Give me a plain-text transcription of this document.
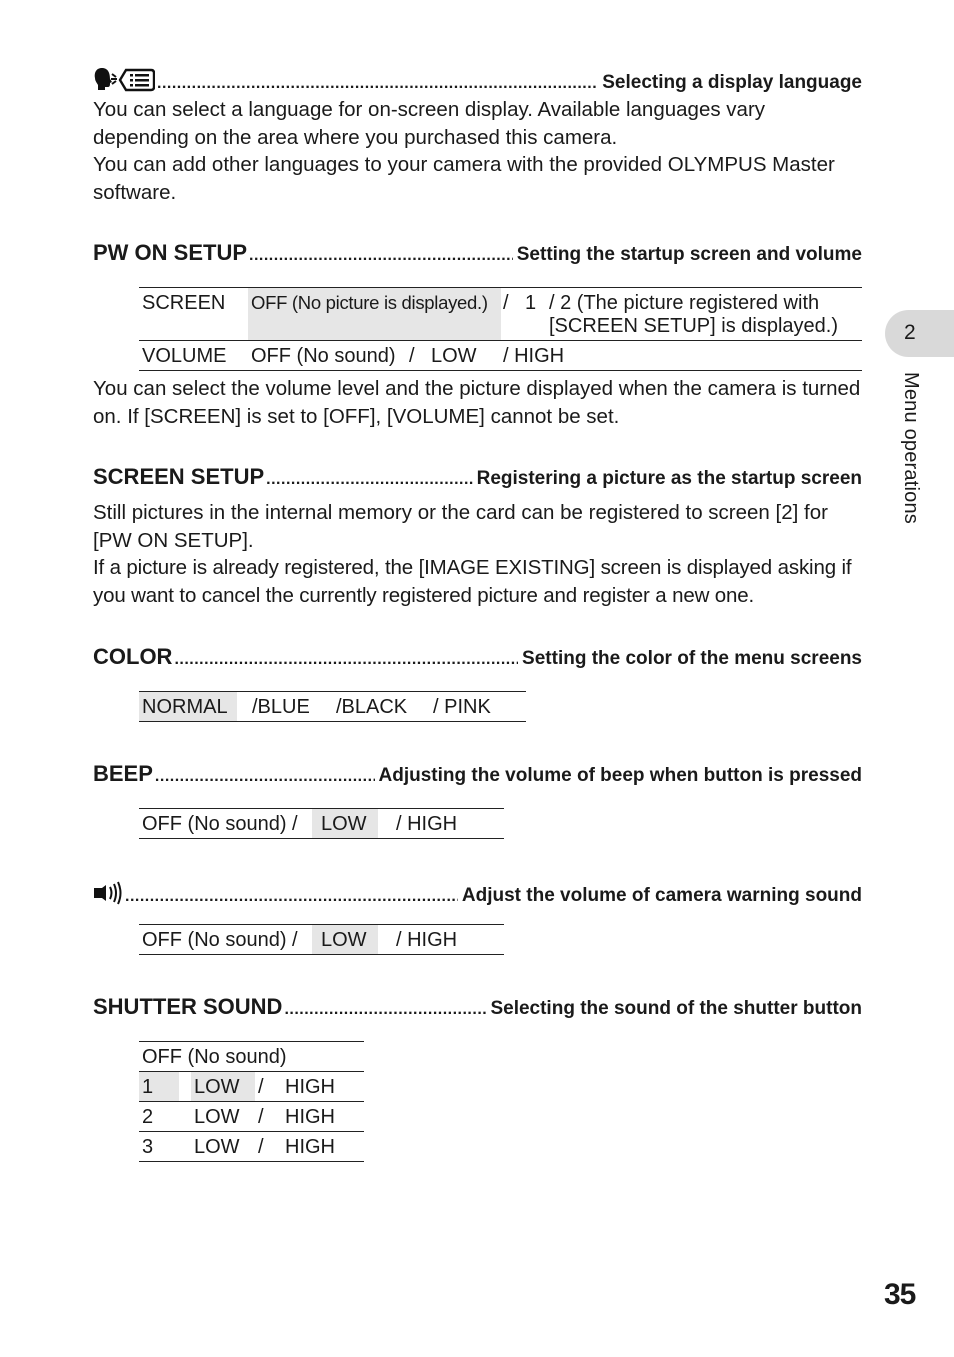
.....
Selecting a display language

You can select a language for on-screen display. Available languages vary depending on the area where you purchased this camera.

You can add other languages to your camera with the provided OLYMPUS Master software.

PW ON SETUP .....	Setting the startup screen and volume
SCREEN OFF (No picture is displayed.) / 1 / 2 (The picture registered with
[SCREEN SETUP] is displayed.)
VOLUME OFF (No sound) / LOW / HIGH

You can select the volume level and the picture displayed when the camera is turned on. If [SCREEN] is set to [OFF], [VOLUME] cannot be set.

SCREEN SETUP .....	Registering a picture as the startup screen

Still pictures in the internal memory or the card can be registered to screen [2] for [PW ON SETUP].

If a picture is already registered, the [IMAGE EXISTING] screen is displayed asking if you want to cancel the currently registered picture and register a new one.

COLOR .....	Setting the color of the menu screens
NORMAL /BLUE /BLACK / PINK
BEEP .....	Adjusting the volume of beep when button is pressed
OFF (No sound) / LOW / HIGH
.....
Adjust the volume of camera warning sound
OFF (No sound) / LOW / HIGH
SHUTTER SOUND .....	Selecting the sound of the shutter button
OFF (No sound)
1 LOW / HIGH
2 LOW / HIGH
3 LOW / HIGH
2
Menu operations
35
